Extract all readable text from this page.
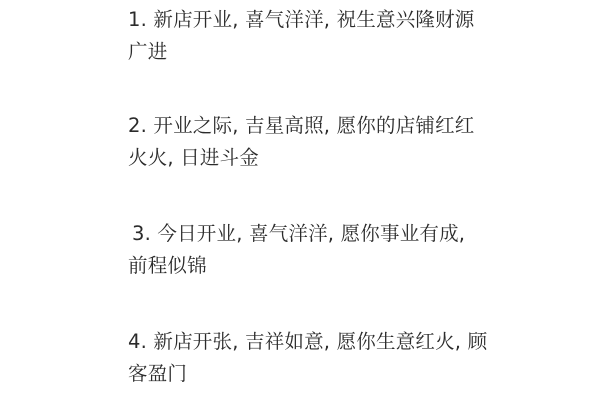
1. 新店开业, 喜气洋洋, 祝生意兴隆财源广进

2. 开业之际, 吉星高照, 愿你的店铺红红火火, 日进斗金

3. 今日开业, 喜气洋洋, 愿你事业有成, 前程似锦

4. 新店开张, 吉祥如意, 愿你生意红火, 顾客盈门
